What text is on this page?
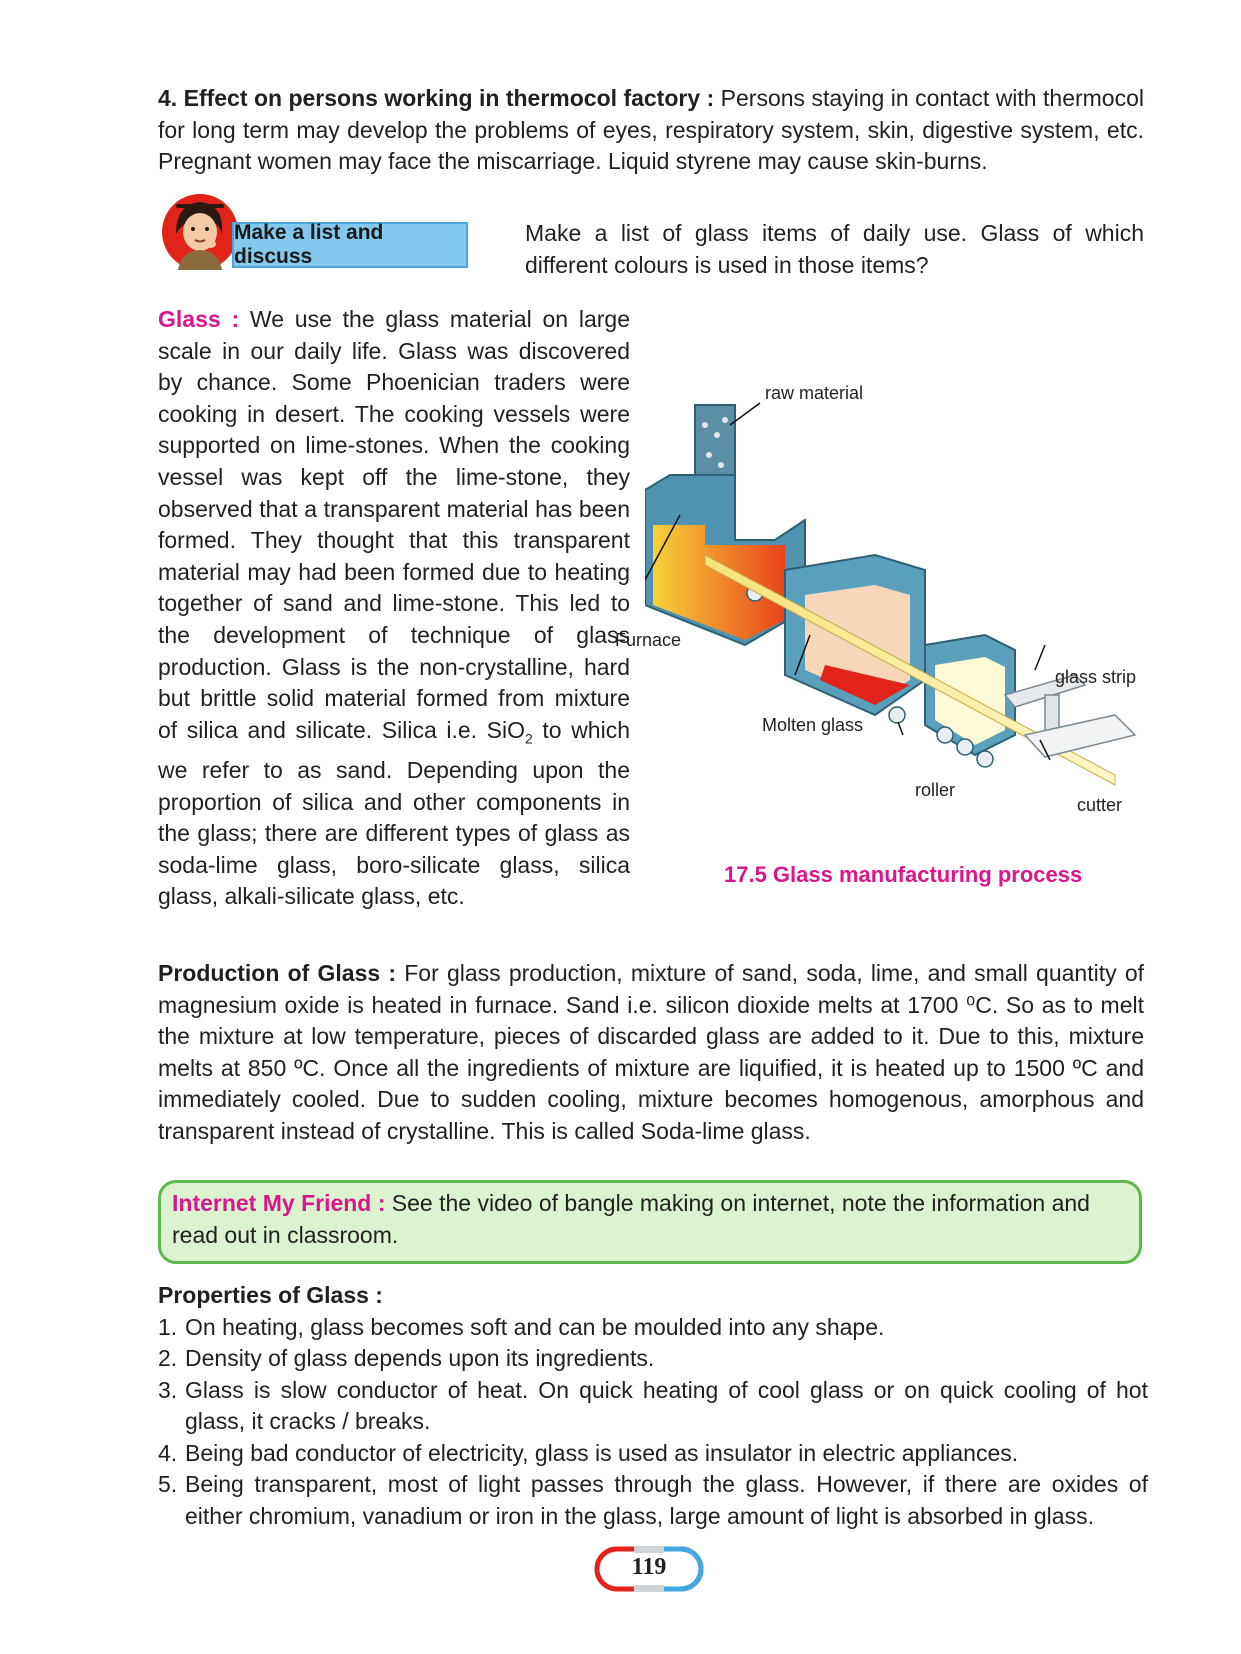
4. Effect on persons working in thermocol factory : Persons staying in contact with thermocol for long term may develop the problems of eyes, respiratory system, skin, digestive system, etc. Pregnant women may face the miscarriage. Liquid styrene may cause skin-burns.
Make a list and discuss
Make a list of glass items of daily use. Glass of which different colours is used in those items?
Glass : We use the glass material on large scale in our daily life. Glass was discovered by chance. Some Phoenician traders were cooking in desert. The cooking vessels were supported on lime-stones. When the cooking vessel was kept off the lime-stone, they observed that a transparent material has been formed. They thought that this transparent material may had been formed due to heating together of sand and lime-stone. This led to the development of technique of glass production. Glass is the non-crystalline, hard but brittle solid material formed from mixture of silica and silicate. Silica i.e. SiO$_2$ to which we refer to as sand. Depending upon the proportion of silica and other components in the glass; there are different types of glass as soda-lime glass, boro-silicate glass, silica glass, alkali-silicate glass, etc.
raw material
Furnace
glass strip
Molten glass
roller
cutter
17.5 Glass manufacturing process
Production of Glass : For glass production, mixture of sand, soda, lime, and small quantity of magnesium oxide is heated in furnace. Sand i.e. silicon dioxide melts at 1700 ⁰C. So as to melt the mixture at low temperature, pieces of discarded glass are added to it. Due to this, mixture melts at 850 ºC. Once all the ingredients of mixture are liquified, it is heated up to 1500 ºC and immediately cooled. Due to sudden cooling, mixture becomes homogenous, amorphous and transparent instead of crystalline. This is called Soda-lime glass.
Internet My Friend : See the video of bangle making on internet, note the information and read out in classroom.
Properties of Glass :
1. On heating, glass becomes soft and can be moulded into any shape.
2. Density of glass depends upon its ingredients.
3. Glass is slow conductor of heat. On quick heating of cool glass or on quick cooling of hot glass, it cracks / breaks.
4. Being bad conductor of electricity, glass is used as insulator in electric appliances.
5. Being transparent, most of light passes through the glass. However, if there are oxides of either chromium, vanadium or iron in the glass, large amount of light is absorbed in glass.
119
